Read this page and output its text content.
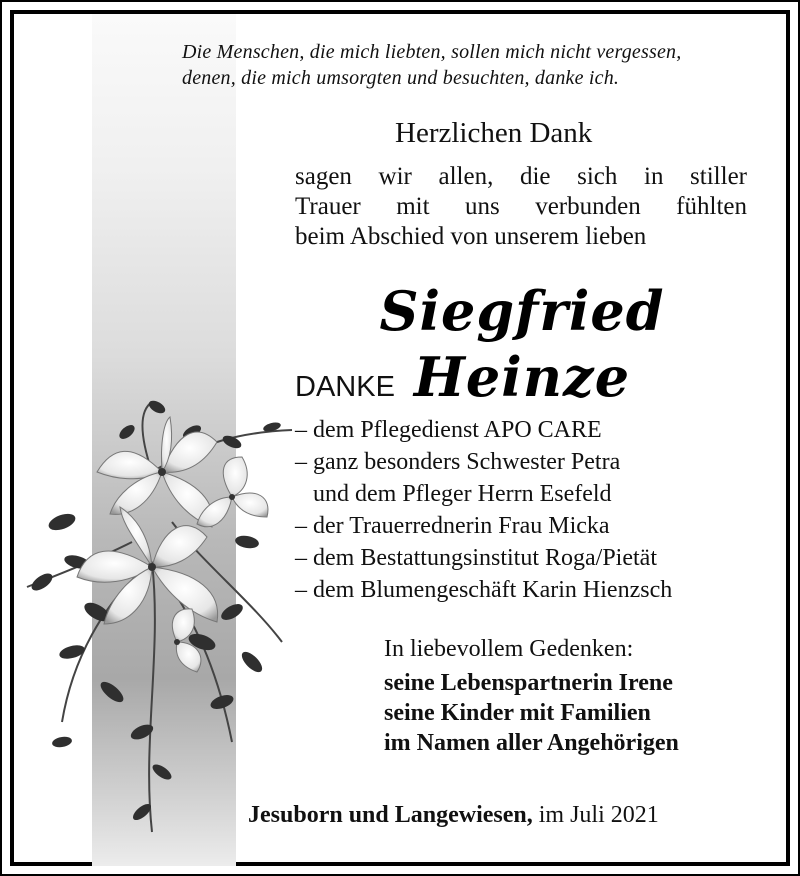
Die Menschen, die mich liebten, sollen mich nicht vergessen,
denen, die mich umsorgten und besuchten, danke ich.
Herzlichen Dank
sagen wir allen, die sich in stiller
Trauer mit uns verbunden fühlten
beim Abschied von unserem lieben
Siegfried Heinze
DANKE
– dem Pflegedienst APO CARE
– ganz besonders Schwester Petra
und dem Pfleger Herrn Esefeld
– der Trauerrednerin Frau Micka
– dem Bestattungsinstitut Roga/Pietät
– dem Blumengeschäft Karin Hienzsch
In liebevollem Gedenken:
seine Lebenspartnerin Irene
seine Kinder mit Familien
im Namen aller Angehörigen
Jesuborn und Langewiesen, im Juli 2021
